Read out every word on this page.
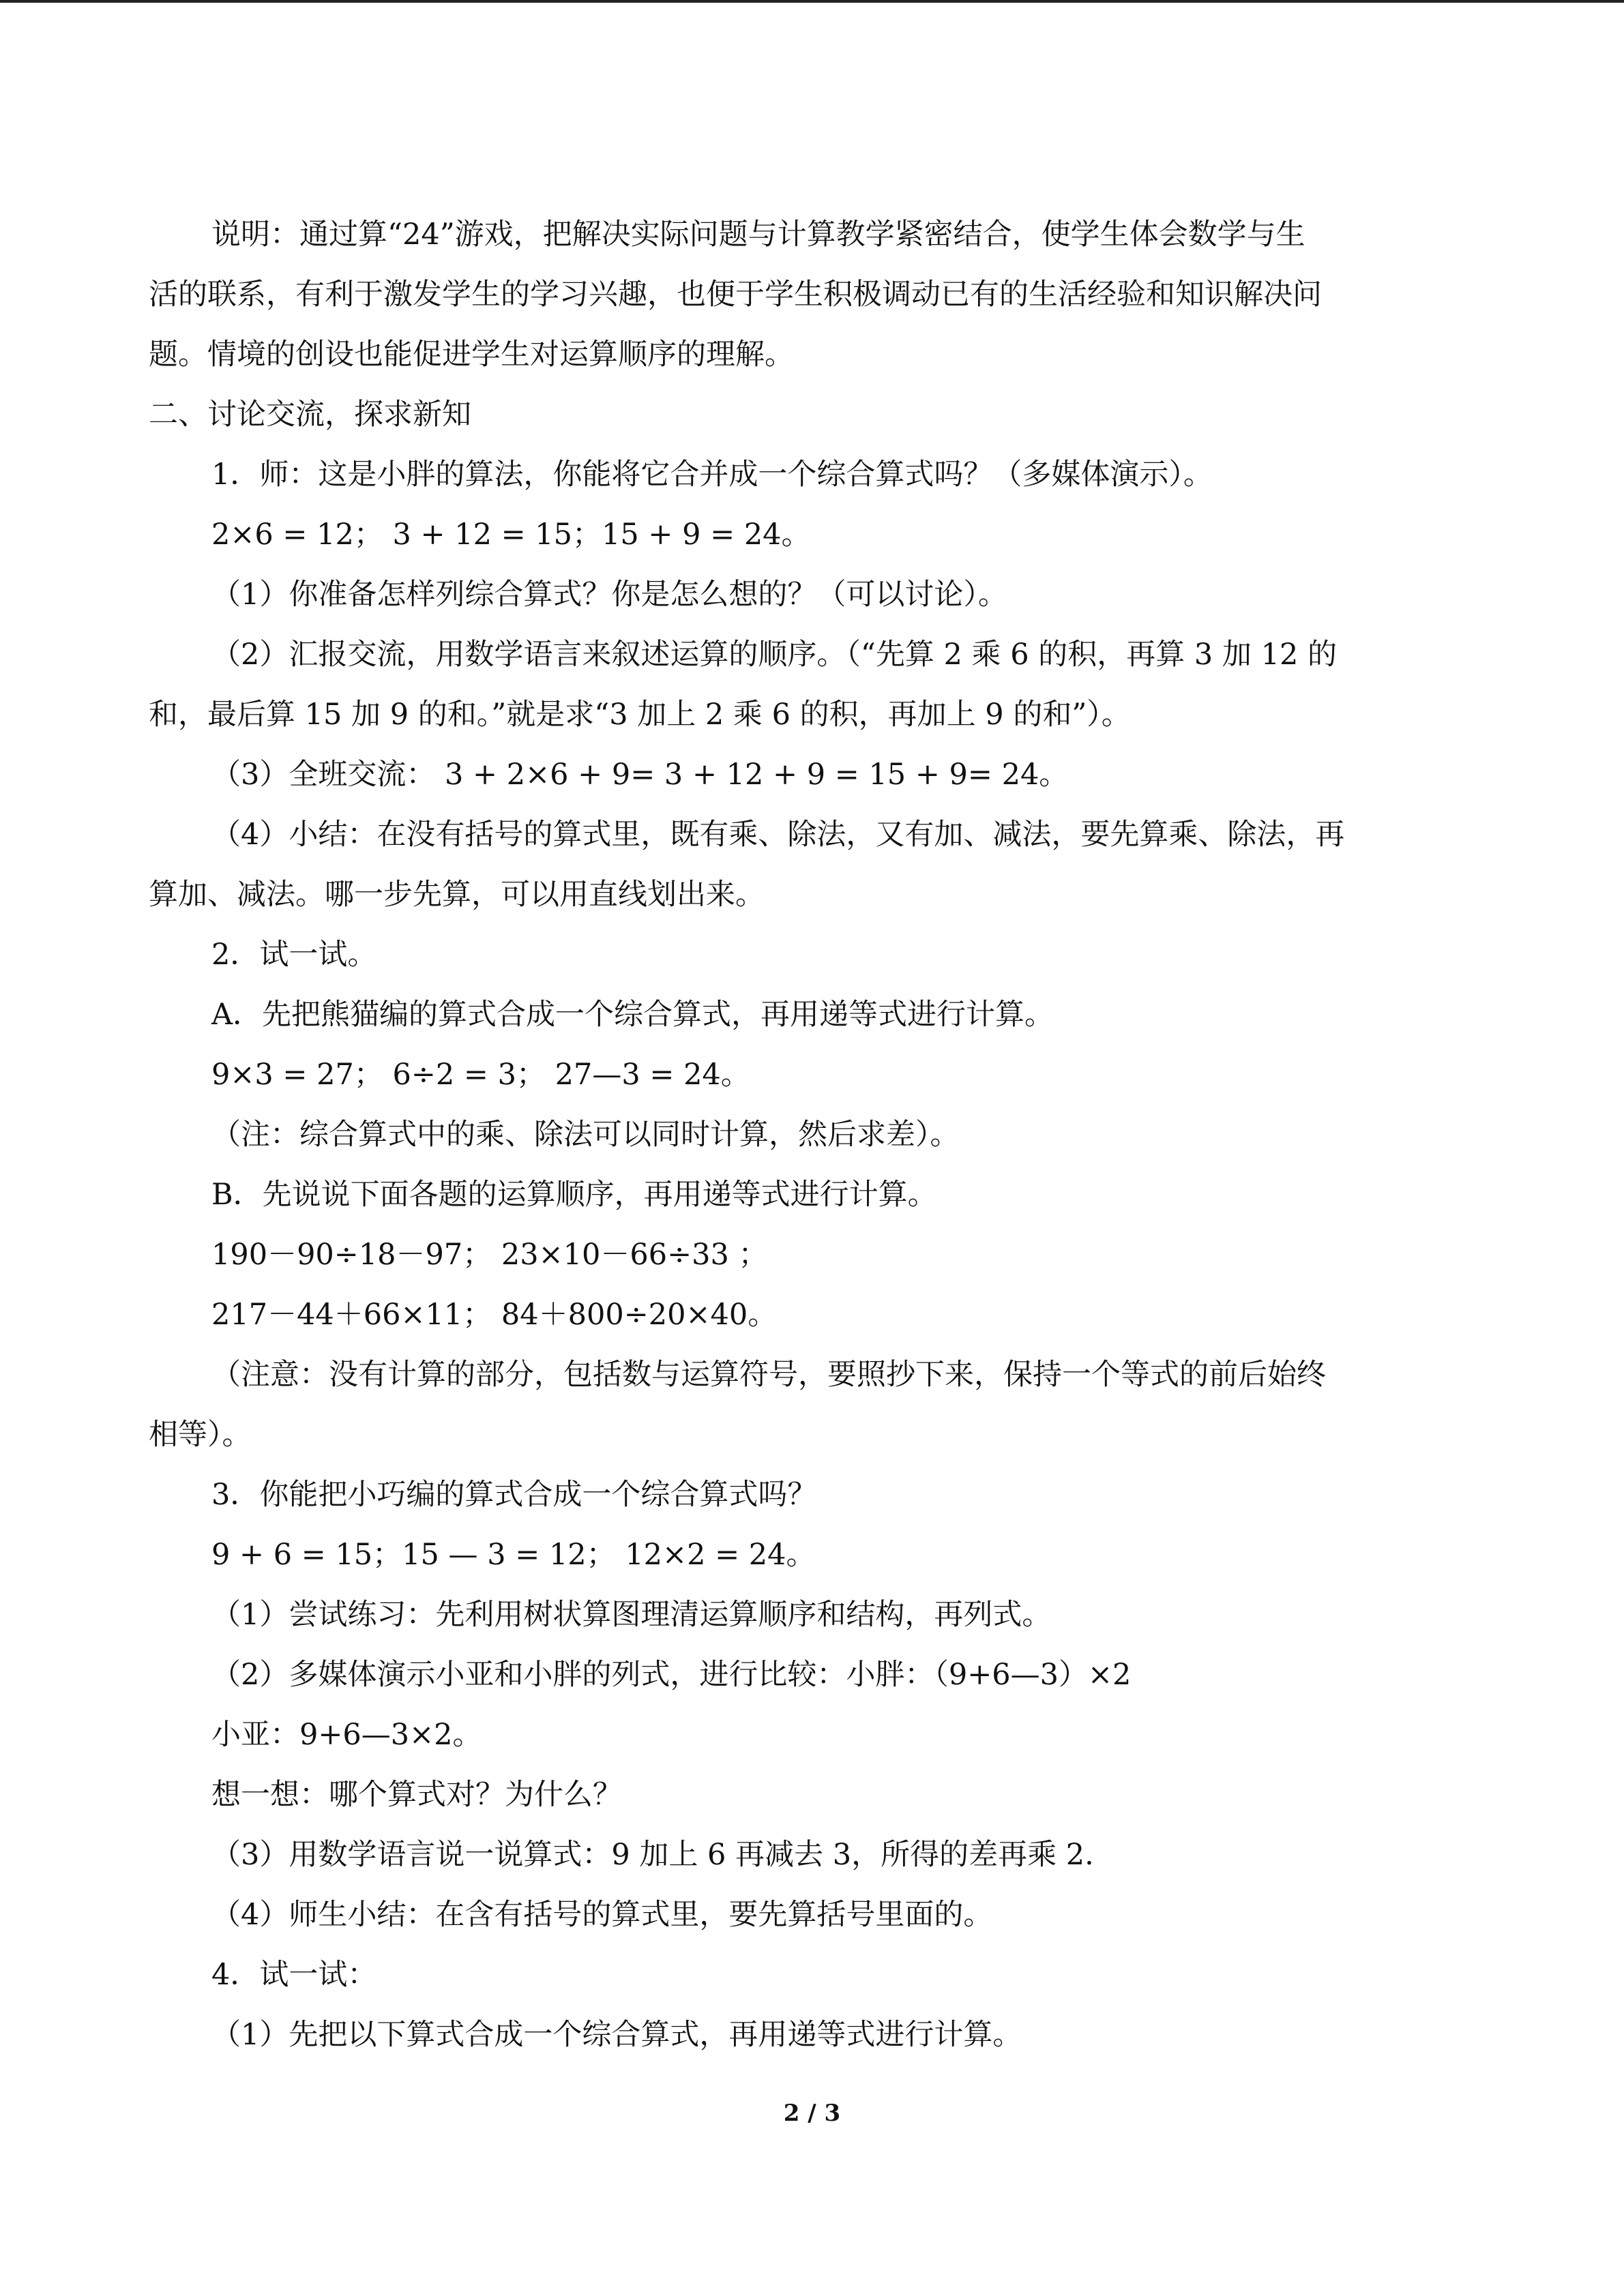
说明：通过算“24”游戏，把解决实际问题与计算教学紧密结合，使学生体会数学与生

活的联系，有利于激发学生的学习兴趣，也便于学生积极调动已有的生活经验和知识解决问

题。情境的创设也能促进学生对运算顺序的理解。

二、讨论交流，探求新知

1．师：这是小胖的算法，你能将它合并成一个综合算式吗？（多媒体演示）。

2×6 = 12； 3 + 12 = 15；15 + 9 = 24。

（1）你准备怎样列综合算式？你是怎么想的？（可以讨论）。

（2）汇报交流，用数学语言来叙述运算的顺序。（“先算 2 乘 6 的积，再算 3 加 12 的

和，最后算 15 加 9 的和。”就是求“3 加上 2 乘 6 的积，再加上 9 的和”）。

（3）全班交流： 3 + 2×6 + 9= 3 + 12 + 9 = 15 + 9= 24。

（4）小结：在没有括号的算式里，既有乘、除法，又有加、减法，要先算乘、除法，再

算加、减法。哪一步先算，可以用直线划出来。

2．试一试。

A．先把熊猫编的算式合成一个综合算式，再用递等式进行计算。

9×3 = 27； 6÷2 = 3； 27—3 = 24。

（注：综合算式中的乘、除法可以同时计算，然后求差）。

B．先说说下面各题的运算顺序，再用递等式进行计算。

190－90÷18－97； 23×10－66÷33 ；

217－44＋66×11； 84＋800÷20×40。

（注意：没有计算的部分，包括数与运算符号，要照抄下来，保持一个等式的前后始终

相等）。

3．你能把小巧编的算式合成一个综合算式吗？

9 + 6 = 15；15 — 3 = 12； 12×2 = 24。

（1）尝试练习：先利用树状算图理清运算顺序和结构，再列式。

（2）多媒体演示小亚和小胖的列式，进行比较：小胖：（9+6—3）×2

小亚：9+6—3×2。

想一想：哪个算式对？为什么？

（3）用数学语言说一说算式：9 加上 6 再减去 3，所得的差再乘 2.

（4）师生小结：在含有括号的算式里，要先算括号里面的。

4．试一试：

（1）先把以下算式合成一个综合算式，再用递等式进行计算。

2 / 3
